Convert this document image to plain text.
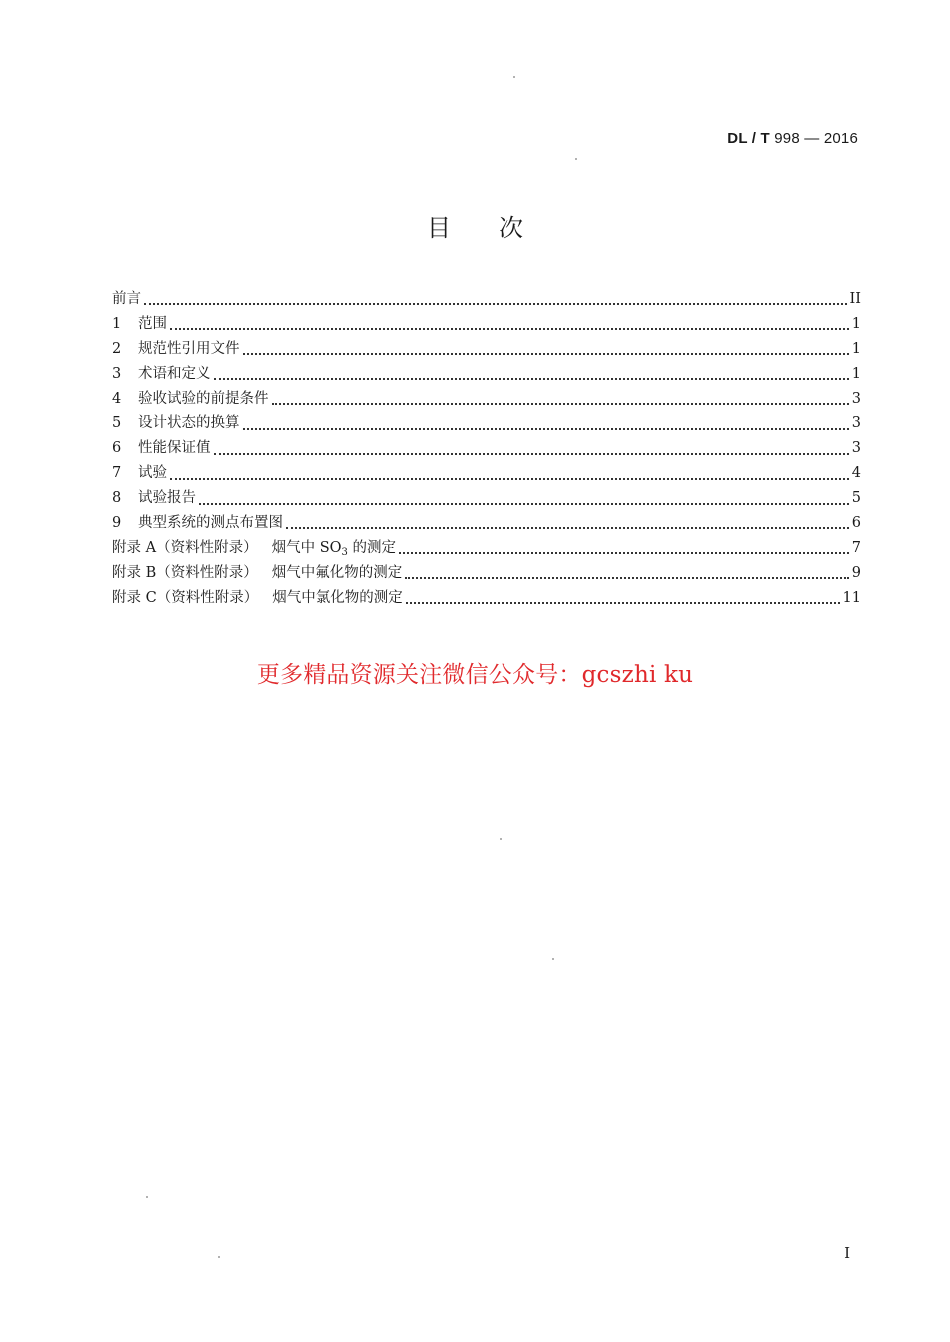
DL / T 998 — 2016
目 次
前言	II
1	范围	1
2	规范性引用文件	1
3	术语和定义	1
4	验收试验的前提条件	3
5	设计状态的换算	3
6	性能保证值	3
7	试验	4
8	试验报告	5
9	典型系统的测点布置图	6
附录 A（资料性附录） 烟气中 $SO_3$ 的测定	7
附录 B（资料性附录） 烟气中氟化物的测定	9
附录 C（资料性附录） 烟气中氯化物的测定	11
更多精品资源关注微信公众号：gcszhi ku
I
